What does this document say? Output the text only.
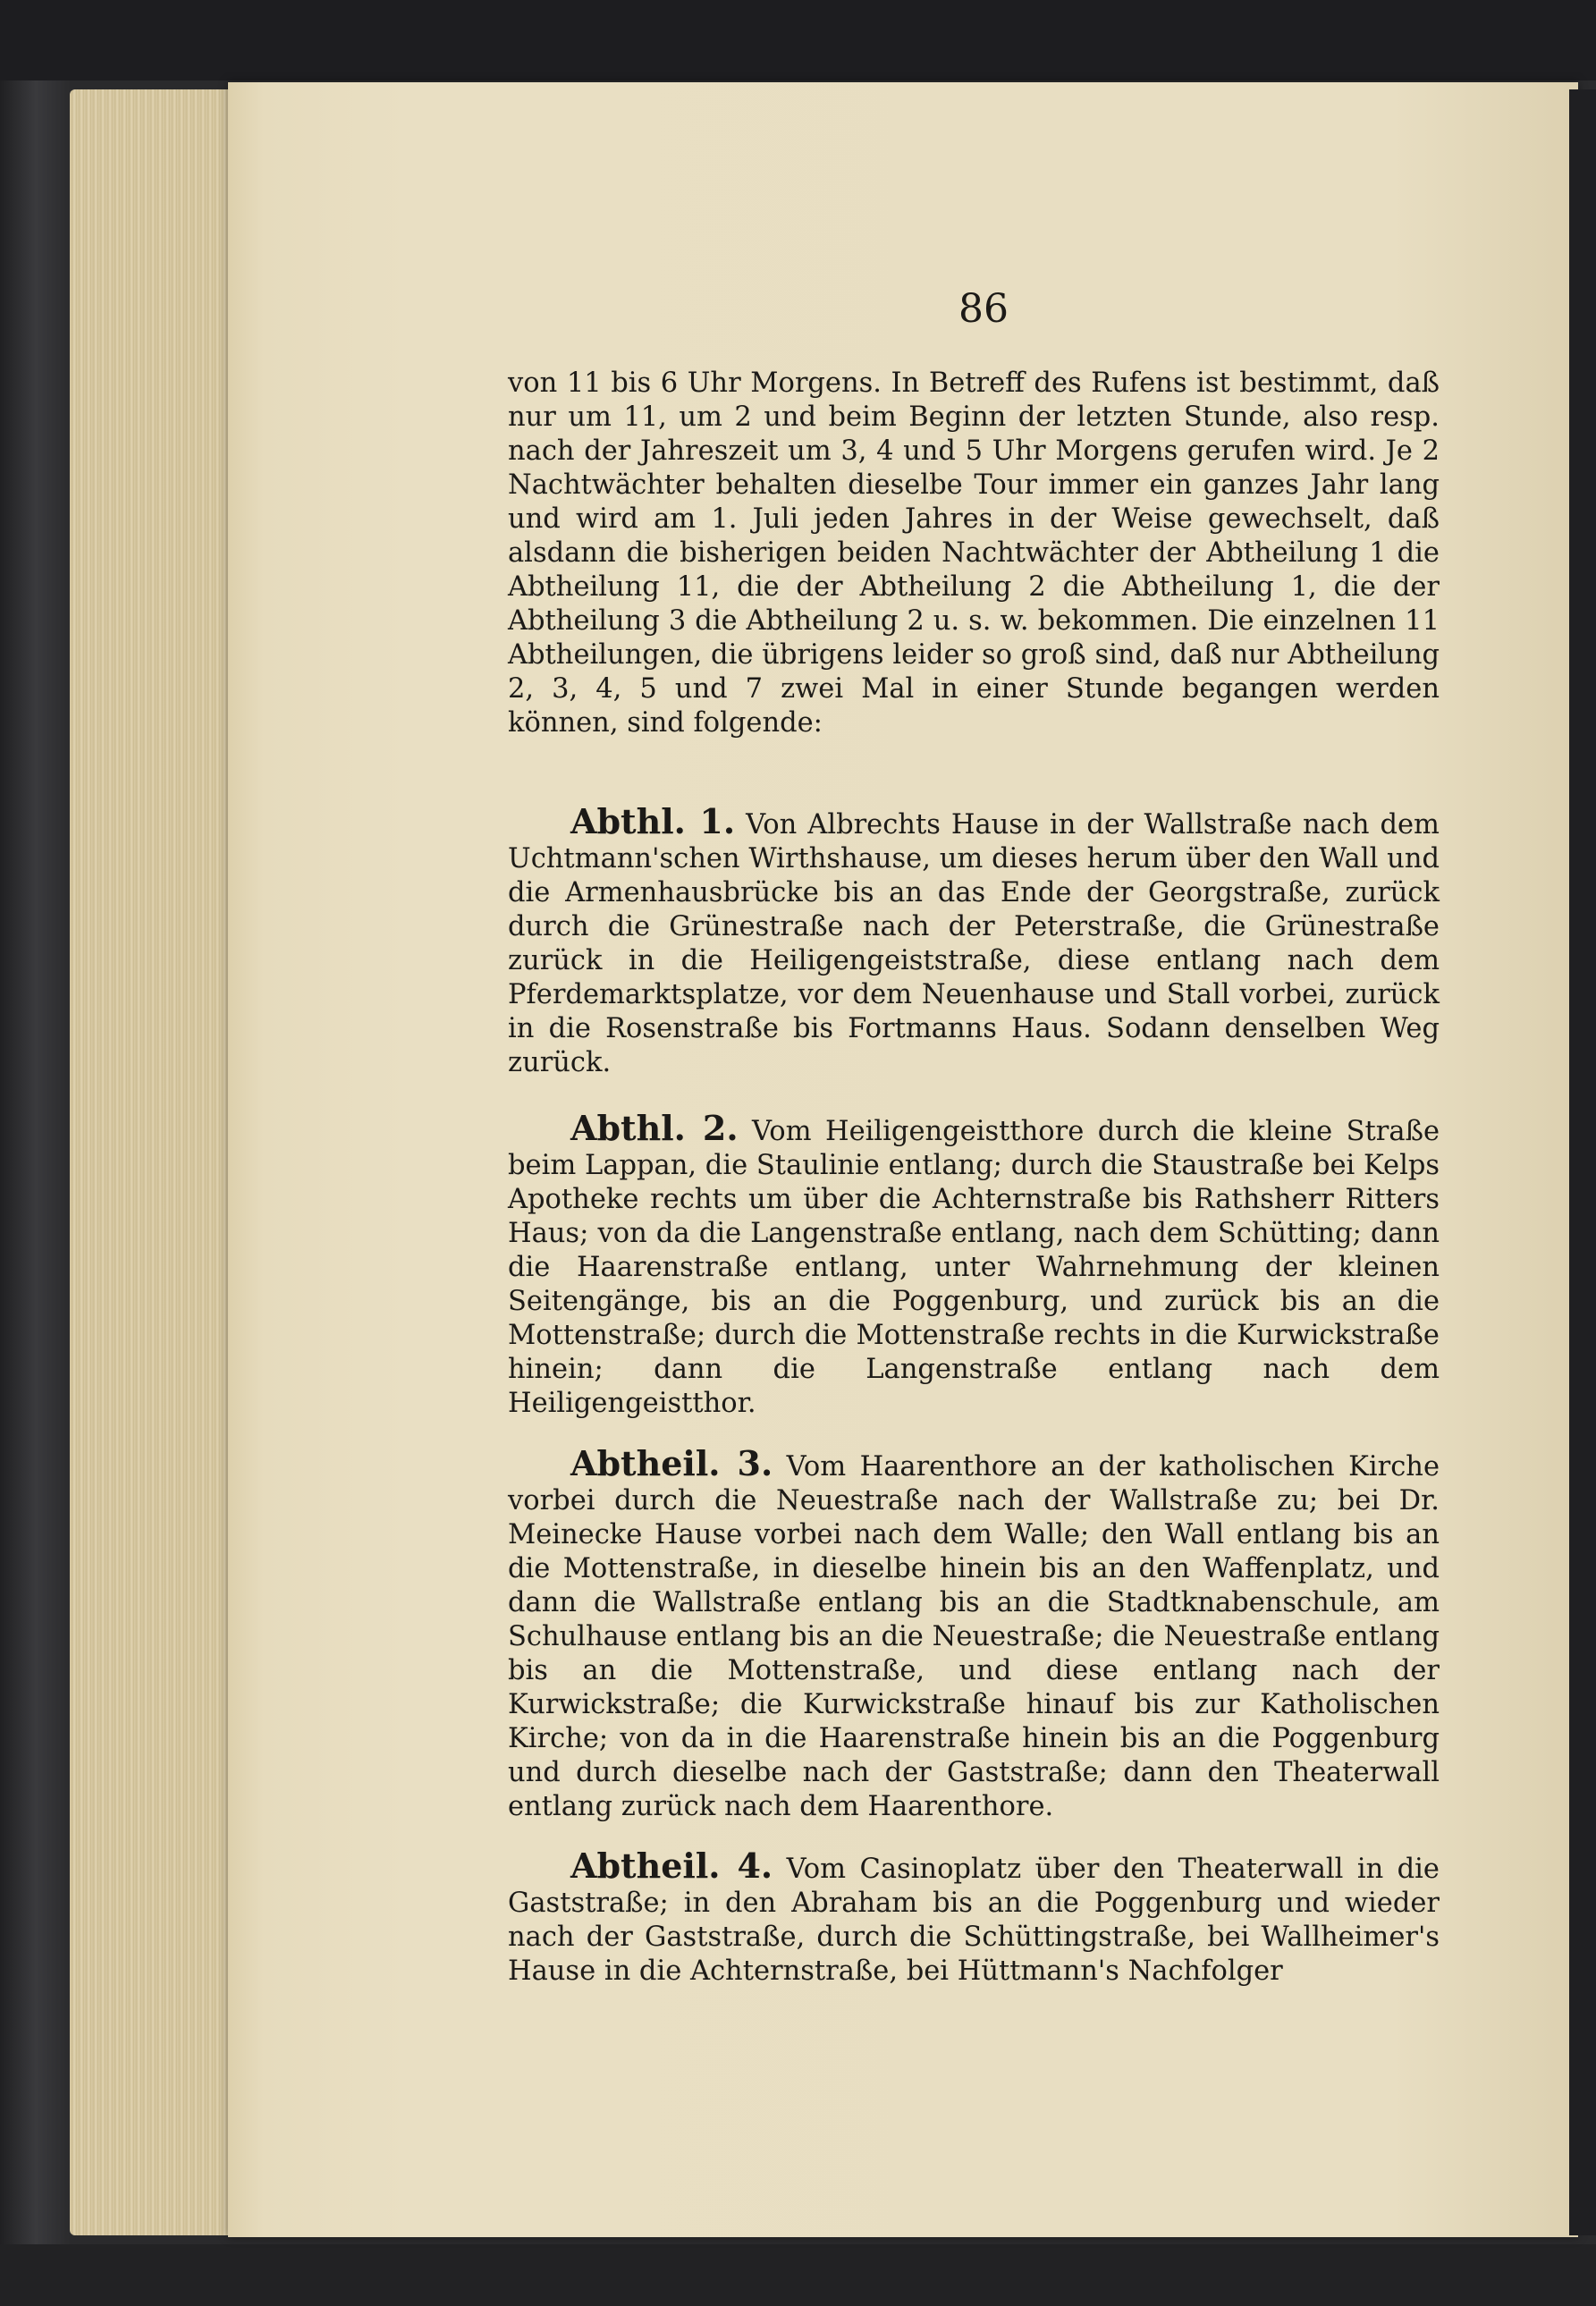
86

von 11 bis 6 Uhr Morgens. In Betreff des Rufens ist bestimmt, daß nur um 11, um 2 und beim Beginn der letzten Stunde, also resp. nach der Jahreszeit um 3, 4 und 5 Uhr Morgens gerufen wird. Je 2 Nachtwächter behalten dieselbe Tour immer ein ganzes Jahr lang und wird am 1. Juli jeden Jahres in der Weise gewechselt, daß alsdann die bisherigen beiden Nachtwächter der Abtheilung 1 die Abtheilung 11, die der Abtheilung 2 die Abtheilung 1, die der Abtheilung 3 die Abtheilung 2 u. s. w. bekommen. Die einzelnen 11 Abtheilungen, die übrigens leider so groß sind, daß nur Abtheilung 2, 3, 4, 5 und 7 zwei Mal in einer Stunde begangen werden können, sind folgende:

Abthl. 1. Von Albrechts Hause in der Wallstraße nach dem Uchtmann'schen Wirthshause, um dieses herum über den Wall und die Armenhausbrücke bis an das Ende der Georgstraße, zurück durch die Grünestraße nach der Peterstraße, die Grünestraße zurück in die Heiligengeiststraße, diese entlang nach dem Pferdemarktsplatze, vor dem Neuenhause und Stall vorbei, zurück in die Rosenstraße bis Fortmanns Haus. Sodann denselben Weg zurück.

Abthl. 2. Vom Heiligengeistthore durch die kleine Straße beim Lappan, die Staulinie entlang; durch die Staustraße bei Kelps Apotheke rechts um über die Achternstraße bis Rathsherr Ritters Haus; von da die Langenstraße entlang, nach dem Schütting; dann die Haarenstraße entlang, unter Wahrnehmung der kleinen Seitengänge, bis an die Poggenburg, und zurück bis an die Mottenstraße; durch die Mottenstraße rechts in die Kurwickstraße hinein; dann die Langenstraße entlang nach dem Heiligengeistthor.

Abtheil. 3. Vom Haarenthore an der katholischen Kirche vorbei durch die Neuestraße nach der Wallstraße zu; bei Dr. Meinecke Hause vorbei nach dem Walle; den Wall entlang bis an die Mottenstraße, in dieselbe hinein bis an den Waffenplatz, und dann die Wallstraße entlang bis an die Stadtknabenschule, am Schulhause entlang bis an die Neuestraße; die Neuestraße entlang bis an die Mottenstraße, und diese entlang nach der Kurwickstraße; die Kurwickstraße hinauf bis zur Katholischen Kirche; von da in die Haarenstraße hinein bis an die Poggenburg und durch dieselbe nach der Gaststraße; dann den Theaterwall entlang zurück nach dem Haarenthore.

Abtheil. 4. Vom Casinoplatz über den Theaterwall in die Gaststraße; in den Abraham bis an die Poggenburg und wieder nach der Gaststraße, durch die Schüttingstraße, bei Wallheimer's Hause in die Achternstraße, bei Hüttmann's Nachfolger
